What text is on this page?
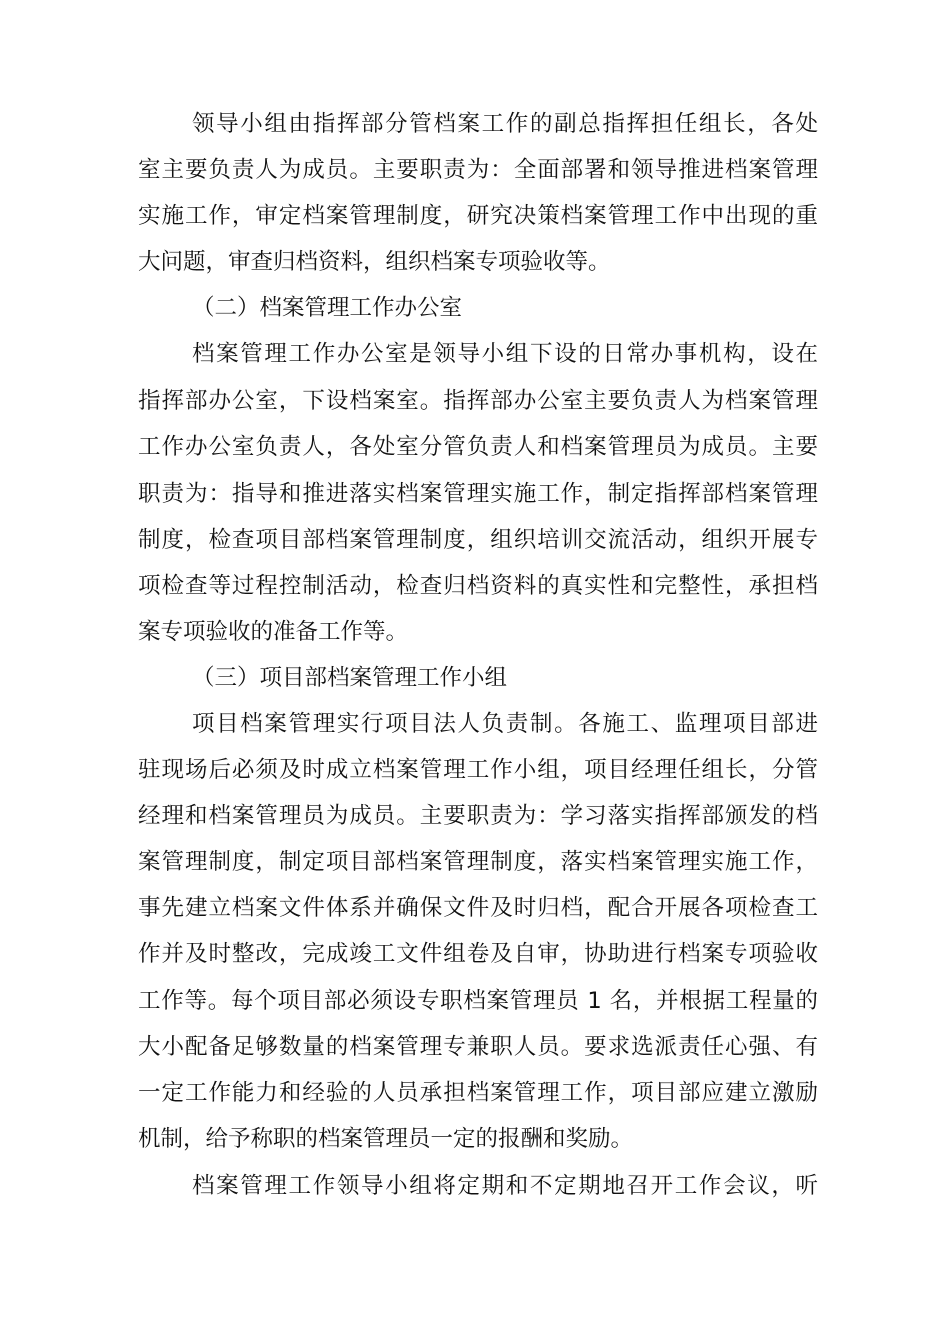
领导小组由指挥部分管档案工作的副总指挥担任组长，各处
室主要负责人为成员。主要职责为：全面部署和领导推进档案管理
实施工作，审定档案管理制度，研究决策档案管理工作中出现的重
大问题，审查归档资料，组织档案专项验收等。
（二）档案管理工作办公室
档案管理工作办公室是领导小组下设的日常办事机构，设在
指挥部办公室，下设档案室。指挥部办公室主要负责人为档案管理
工作办公室负责人，各处室分管负责人和档案管理员为成员。主要
职责为：指导和推进落实档案管理实施工作，制定指挥部档案管理
制度，检查项目部档案管理制度，组织培训交流活动，组织开展专
项检查等过程控制活动，检查归档资料的真实性和完整性，承担档
案专项验收的准备工作等。
（三）项目部档案管理工作小组
项目档案管理实行项目法人负责制。各施工、监理项目部进
驻现场后必须及时成立档案管理工作小组，项目经理任组长，分管
经理和档案管理员为成员。主要职责为：学习落实指挥部颁发的档
案管理制度，制定项目部档案管理制度，落实档案管理实施工作，
事先建立档案文件体系并确保文件及时归档，配合开展各项检查工
作并及时整改，完成竣工文件组卷及自审，协助进行档案专项验收
工作等。每个项目部必须设专职档案管理员 1 名，并根据工程量的
大小配备足够数量的档案管理专兼职人员。要求选派责任心强、有
一定工作能力和经验的人员承担档案管理工作，项目部应建立激励
机制，给予称职的档案管理员一定的报酬和奖励。
档案管理工作领导小组将定期和不定期地召开工作会议，听
